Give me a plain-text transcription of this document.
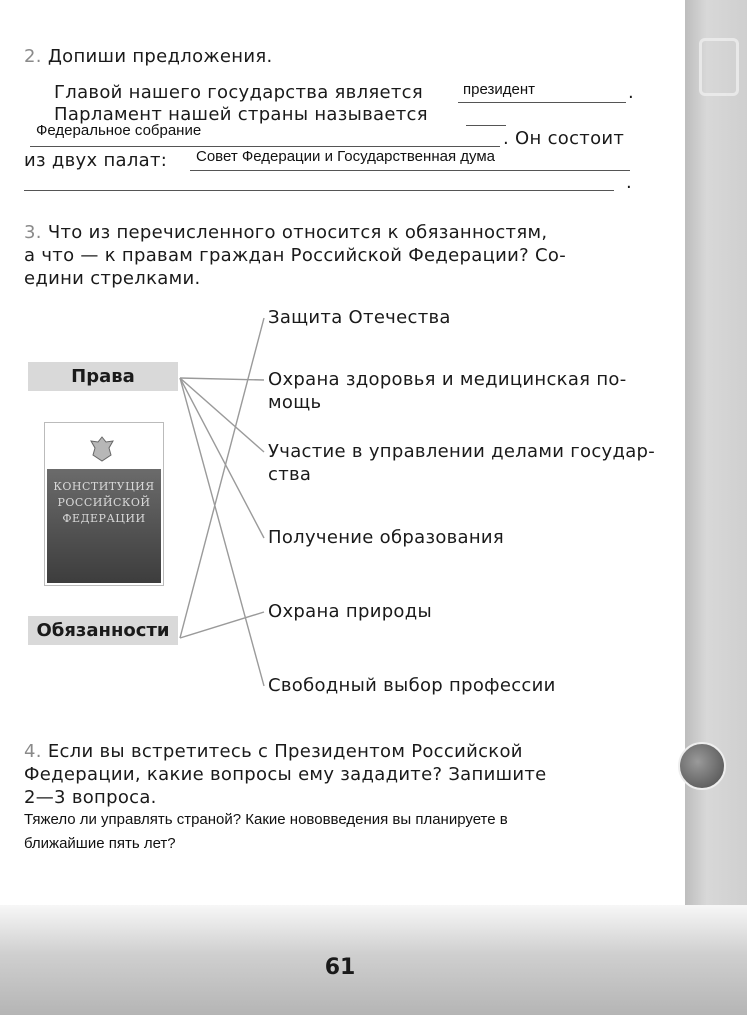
2. Допиши предложения.
Главой нашего государства является	президент	.
Парламент нашей страны называется
Федеральное собрание	. Он состоит
из двух палат: Совет Федерации и Государственная дума
.
3. Что из перечисленного относится к обязанностям,
а что — к правам граждан Российской Федерации? Со-
едини стрелками.
Права
Обязанности
КОНСТИТУЦИЯ
РОССИЙСКОЙ
ФЕДЕРАЦИИ
Защита Отечества
Охрана здоровья и медицинская по-
мощь
Участие в управлении делами государ-
ства
Получение образования
Охрана природы
Свободный выбор профессии
4. Если вы встретитесь с Президентом Российской
Федерации, какие вопросы ему зададите? Запишите
2—3 вопроса.
Тяжело ли управлять страной? Какие нововведения вы планируете в
ближайшие пять лет?
61
